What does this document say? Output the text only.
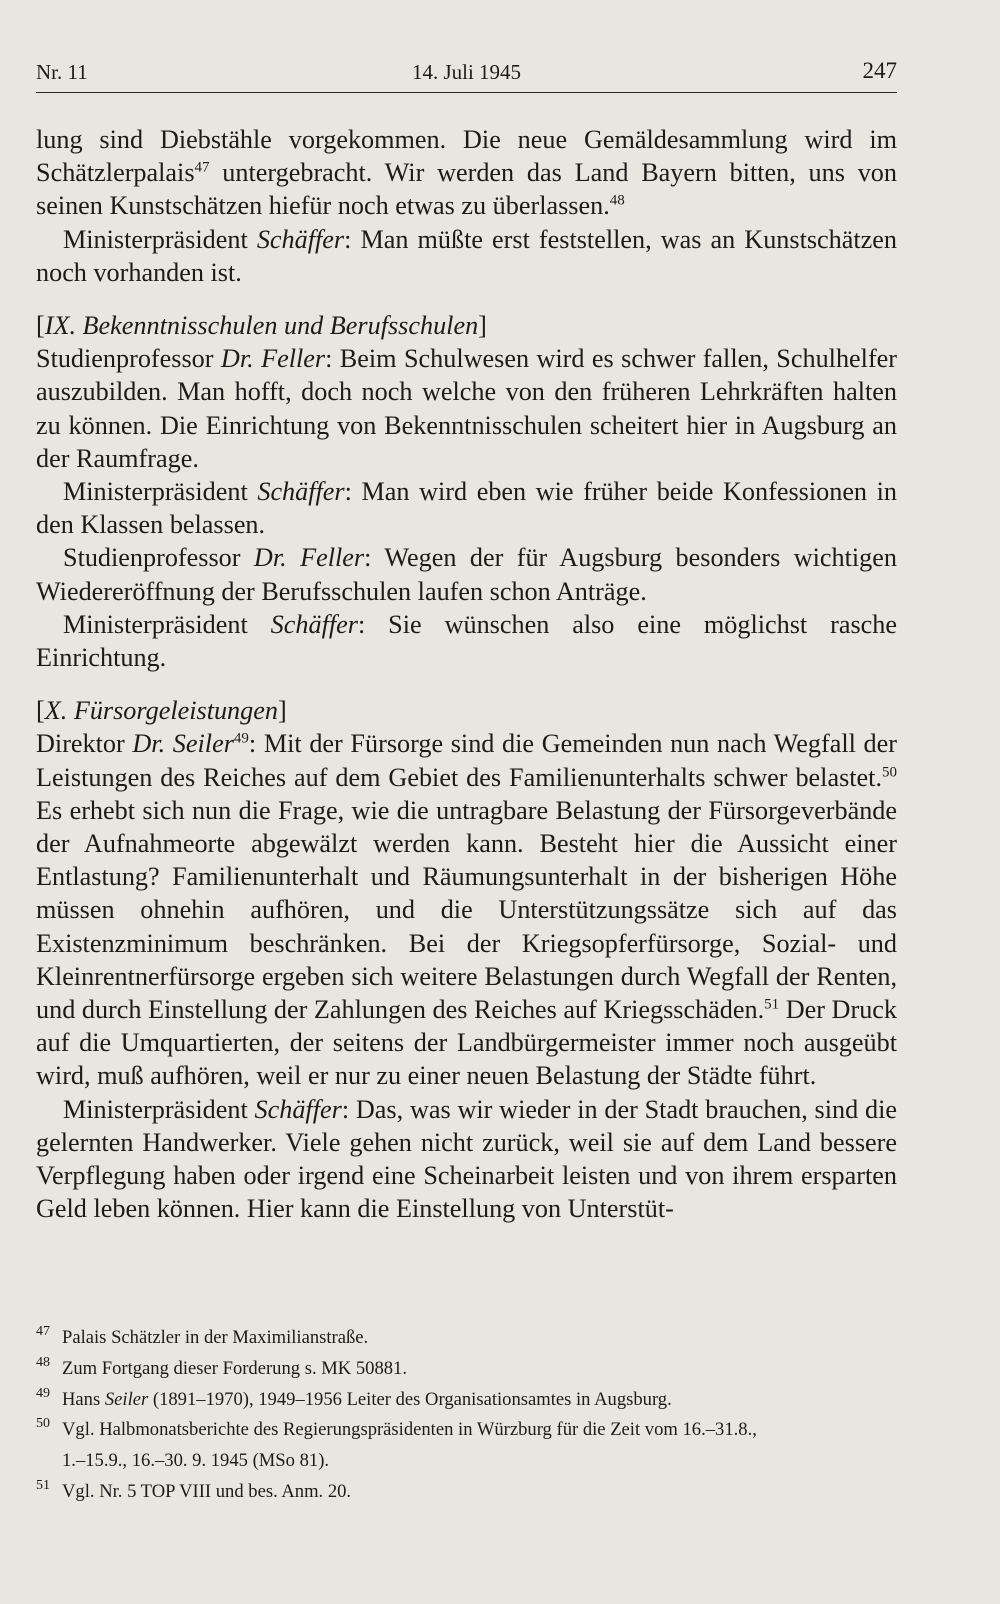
Nr. 11	14. Juli 1945	247

lung sind Diebstähle vorgekommen. Die neue Gemäldesammlung wird im Schätzlerpalais$^{47}$ untergebracht. Wir werden das Land Bayern bitten, uns von seinen Kunstschätzen hiefür noch etwas zu überlassen.$^{48}$

Ministerpräsident Schäffer: Man müßte erst feststellen, was an Kunstschätzen noch vorhanden ist.

[IX. Bekenntnisschulen und Berufsschulen]

Studienprofessor Dr. Feller: Beim Schulwesen wird es schwer fallen, Schulhelfer auszubilden. Man hofft, doch noch welche von den früheren Lehrkräften halten zu können. Die Einrichtung von Bekenntnisschulen scheitert hier in Augsburg an der Raumfrage.

Ministerpräsident Schäffer: Man wird eben wie früher beide Konfessionen in den Klassen belassen.

Studienprofessor Dr. Feller: Wegen der für Augsburg besonders wichtigen Wiedereröffnung der Berufsschulen laufen schon Anträge.

Ministerpräsident Schäffer: Sie wünschen also eine möglichst rasche Einrichtung.

[X. Fürsorgeleistungen]

Direktor Dr. Seiler$^{49}$: Mit der Fürsorge sind die Gemeinden nun nach Wegfall der Leistungen des Reiches auf dem Gebiet des Familienunterhalts schwer belastet.$^{50}$ Es erhebt sich nun die Frage, wie die untragbare Belastung der Fürsorgeverbände der Aufnahmeorte abgewälzt werden kann. Besteht hier die Aussicht einer Entlastung? Familienunterhalt und Räumungsunterhalt in der bisherigen Höhe müssen ohnehin aufhören, und die Unterstützungssätze sich auf das Existenzminimum beschränken. Bei der Kriegsopferfürsorge, Sozial- und Kleinrentnerfürsorge ergeben sich weitere Belastungen durch Wegfall der Renten, und durch Einstellung der Zahlungen des Reiches auf Kriegsschäden.$^{51}$ Der Druck auf die Umquartierten, der seitens der Landbürgermeister immer noch ausgeübt wird, muß aufhören, weil er nur zu einer neuen Belastung der Städte führt.

Ministerpräsident Schäffer: Das, was wir wieder in der Stadt brauchen, sind die gelernten Handwerker. Viele gehen nicht zurück, weil sie auf dem Land bessere Verpflegung haben oder irgend eine Scheinarbeit leisten und von ihrem ersparten Geld leben können. Hier kann die Einstellung von Unterstüt-

47 Palais Schätzler in der Maximilianstraße.
48 Zum Fortgang dieser Forderung s. MK 50881.
49 Hans Seiler (1891–1970), 1949–1956 Leiter des Organisationsamtes in Augsburg.
50 Vgl. Halbmonatsberichte des Regierungspräsidenten in Würzburg für die Zeit vom 16.–31.8.,
1.–15.9., 16.–30. 9. 1945 (MSo 81).
51 Vgl. Nr. 5 TOP VIII und bes. Anm. 20.
